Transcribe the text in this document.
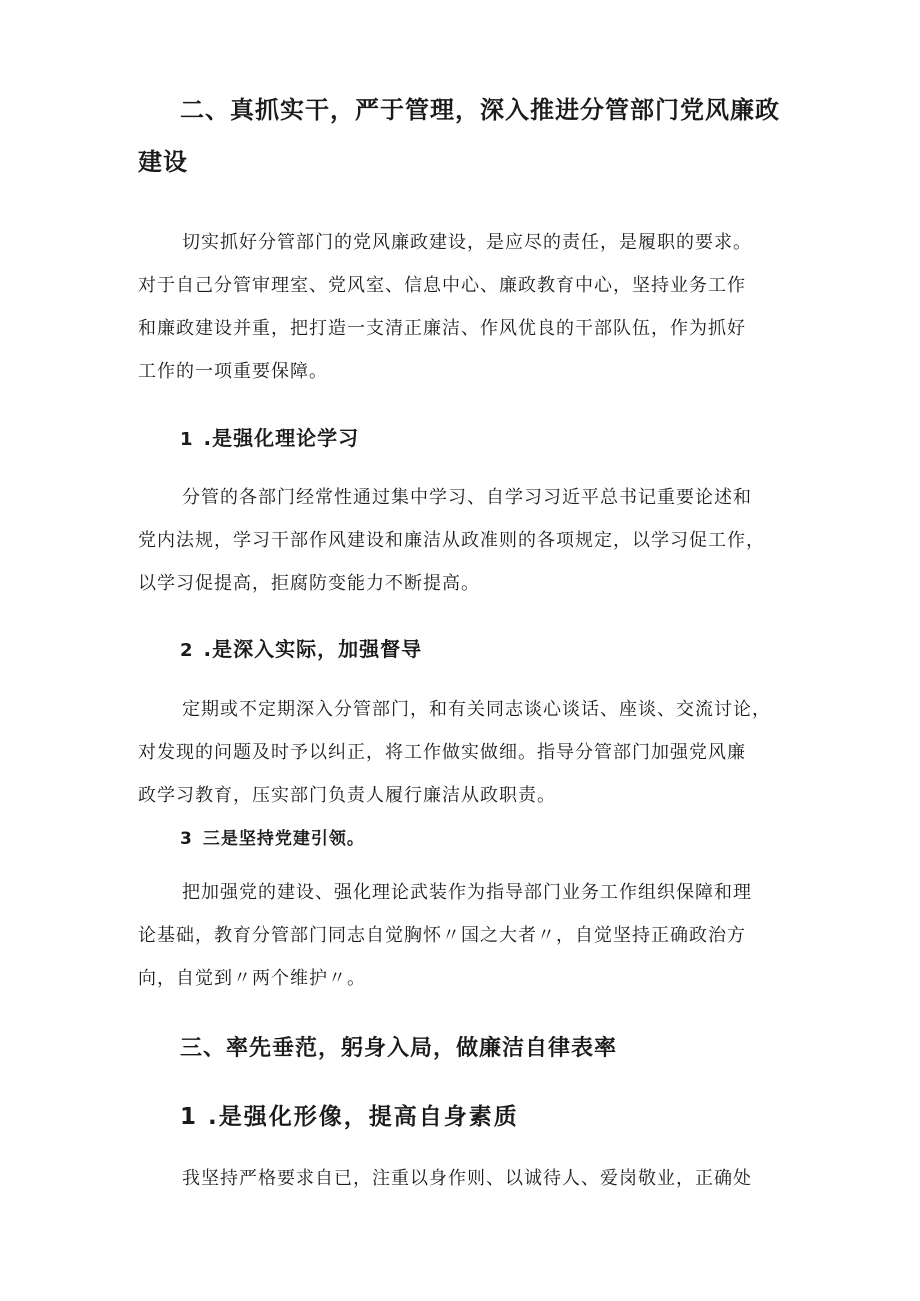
二、真抓实干，严于管理，深入推进分管部门党风廉政
建设

切实抓好分管部门的党风廉政建设，是应尽的责任，是履职的要求。
对于自己分管审理室、党风室、信息中心、廉政教育中心，坚持业务工作
和廉政建设并重，把打造一支清正廉洁、作风优良的干部队伍，作为抓好
工作的一项重要保障。

1 .是强化理论学习

分管的各部门经常性通过集中学习、自学习习近平总书记重要论述和
党内法规，学习干部作风建设和廉洁从政准则的各项规定，以学习促工作，
以学习促提高，拒腐防变能力不断提高。

2 .是深入实际，加强督导

定期或不定期深入分管部门，和有关同志谈心谈话、座谈、交流讨论，
对发现的问题及时予以纠正，将工作做实做细。指导分管部门加强党风廉
政学习教育，压实部门负责人履行廉洁从政职责。

3 三是坚持党建引领。

把加强党的建设、强化理论武装作为指导部门业务工作组织保障和理
论基础，教育分管部门同志自觉胸怀〃国之大者〃，自觉坚持正确政治方
向，自觉到〃两个维护〃。

三、率先垂范，躬身入局，做廉洁自律表率
1 .是强化形像，提高自身素质

我坚持严格要求自已，注重以身作则、以诚待人、爱岗敬业，正确处
